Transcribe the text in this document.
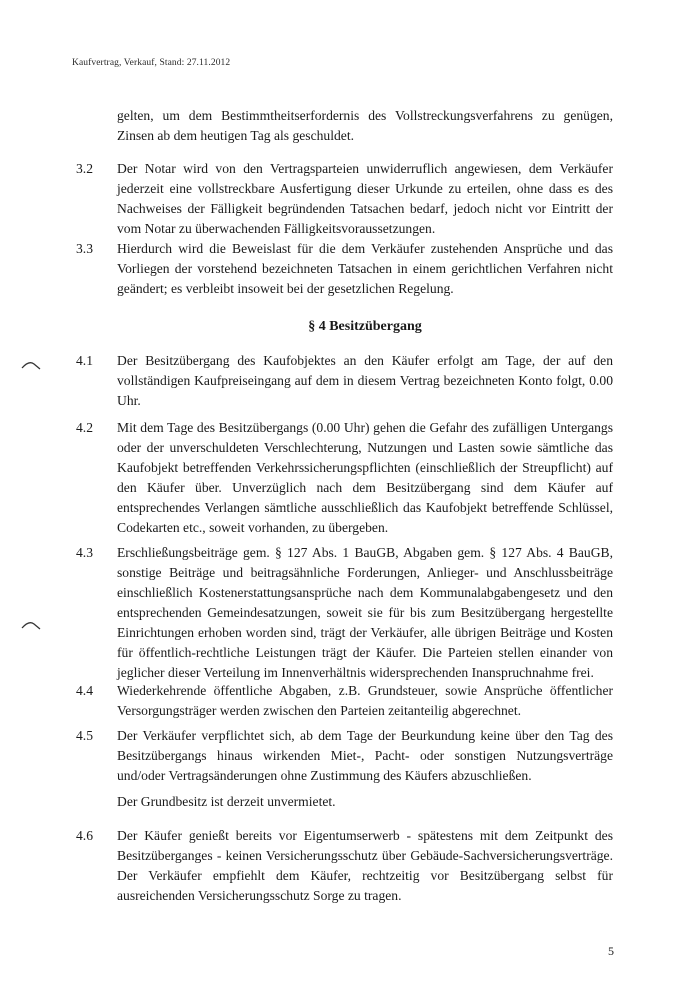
Kaufvertrag, Verkauf, Stand: 27.11.2012
gelten, um dem Bestimmtheitserfordernis des Vollstreckungsverfahrens zu genügen, Zinsen ab dem heutigen Tag als geschuldet.
3.2 Der Notar wird von den Vertragsparteien unwiderruflich angewiesen, dem Verkäufer jederzeit eine vollstreckbare Ausfertigung dieser Urkunde zu erteilen, ohne dass es des Nachweises der Fälligkeit begründenden Tatsachen bedarf, jedoch nicht vor Eintritt der vom Notar zu überwachenden Fälligkeitsvoraussetzungen.
3.3 Hierdurch wird die Beweislast für die dem Verkäufer zustehenden Ansprüche und das Vorliegen der vorstehend bezeichneten Tatsachen in einem gerichtlichen Verfahren nicht geändert; es verbleibt insoweit bei der gesetzlichen Regelung.
§ 4 Besitzübergang
4.1 Der Besitzübergang des Kaufobjektes an den Käufer erfolgt am Tage, der auf den vollständigen Kaufpreiseingang auf dem in diesem Vertrag bezeichneten Konto folgt, 0.00 Uhr.
4.2 Mit dem Tage des Besitzübergangs (0.00 Uhr) gehen die Gefahr des zufälligen Untergangs oder der unverschuldeten Verschlechterung, Nutzungen und Lasten sowie sämtliche das Kaufobjekt betreffenden Verkehrssicherungspflichten (einschließlich der Streupflicht) auf den Käufer über. Unverzüglich nach dem Besitzübergang sind dem Käufer auf entsprechendes Verlangen sämtliche ausschließlich das Kaufobjekt betreffende Schlüssel, Codekarten etc., soweit vorhanden, zu übergeben.
4.3 Erschließungsbeiträge gem. § 127 Abs. 1 BauGB, Abgaben gem. § 127 Abs. 4 BauGB, sonstige Beiträge und beitragsähnliche Forderungen, Anlieger- und Anschlussbeiträge einschließlich Kostenerstattungsansprüche nach dem Kommunalabgabengesetz und den entsprechenden Gemeindesatzungen, soweit sie für bis zum Besitzübergang hergestellte Einrichtungen erhoben worden sind, trägt der Verkäufer, alle übrigen Beiträge und Kosten für öffentlich-rechtliche Leistungen trägt der Käufer. Die Parteien stellen einander von jeglicher dieser Verteilung im Innenverhältnis widersprechenden Inanspruchnahme frei.
4.4 Wiederkehrende öffentliche Abgaben, z.B. Grundsteuer, sowie Ansprüche öffentlicher Versorgungsträger werden zwischen den Parteien zeitanteilig abgerechnet.
4.5 Der Verkäufer verpflichtet sich, ab dem Tage der Beurkundung keine über den Tag des Besitzübergangs hinaus wirkenden Miet-, Pacht- oder sonstigen Nutzungsverträge und/oder Vertragsänderungen ohne Zustimmung des Käufers abzuschließen.
Der Grundbesitz ist derzeit unvermietet.
4.6 Der Käufer genießt bereits vor Eigentumserwerb - spätestens mit dem Zeitpunkt des Besitzüberganges - keinen Versicherungsschutz über Gebäude-Sachversicherungsverträge. Der Verkäufer empfiehlt dem Käufer, rechtzeitig vor Besitzübergang selbst für ausreichenden Versicherungsschutz Sorge zu tragen.
5
